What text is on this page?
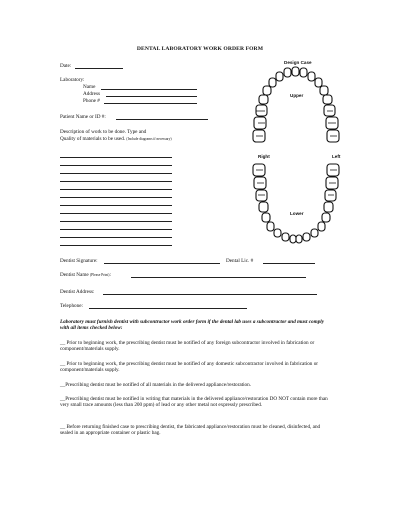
DENTAL LABORATORY WORK ORDER FORM
Date:
Laboratory:
Name
Address
Phone #
Patient Name or ID #:
Description of work to be done. Type and
Quality of materials to be used. (Include diagrams if necessary)
Dentist Signature:	Dental Lic. #
Dentist Name (Please Print):
Dentist Address:
Telephone:
Laboratory must furnish dentist with subcontractor work order form if the dental lab uses a subcontractor and must comply with all items checked below:
__ Prior to beginning work, the prescribing dentist must be notified of any foreign subcontractor involved in fabrication or component/materials supply.
__ Prior to beginning work, the prescribing dentist must be notified of any domestic subcontractor involved in fabrication or component/materials supply.
__Prescribing dentist must be notified of all materials in the delivered appliance/restoration.
__Prescribing dentist must be notified in writing that materials in the delivered appliance/restoration DO NOT contain more than very small trace amounts (less than 200 ppm) of lead or any other metal not expressly prescribed.
__ Before returning finished case to prescribing dentist, the fabricated appliance/restoration must be cleaned, disinfected, and sealed in an appropriate container or plastic bag.
Design Case
Upper
Right	Left
Lower
